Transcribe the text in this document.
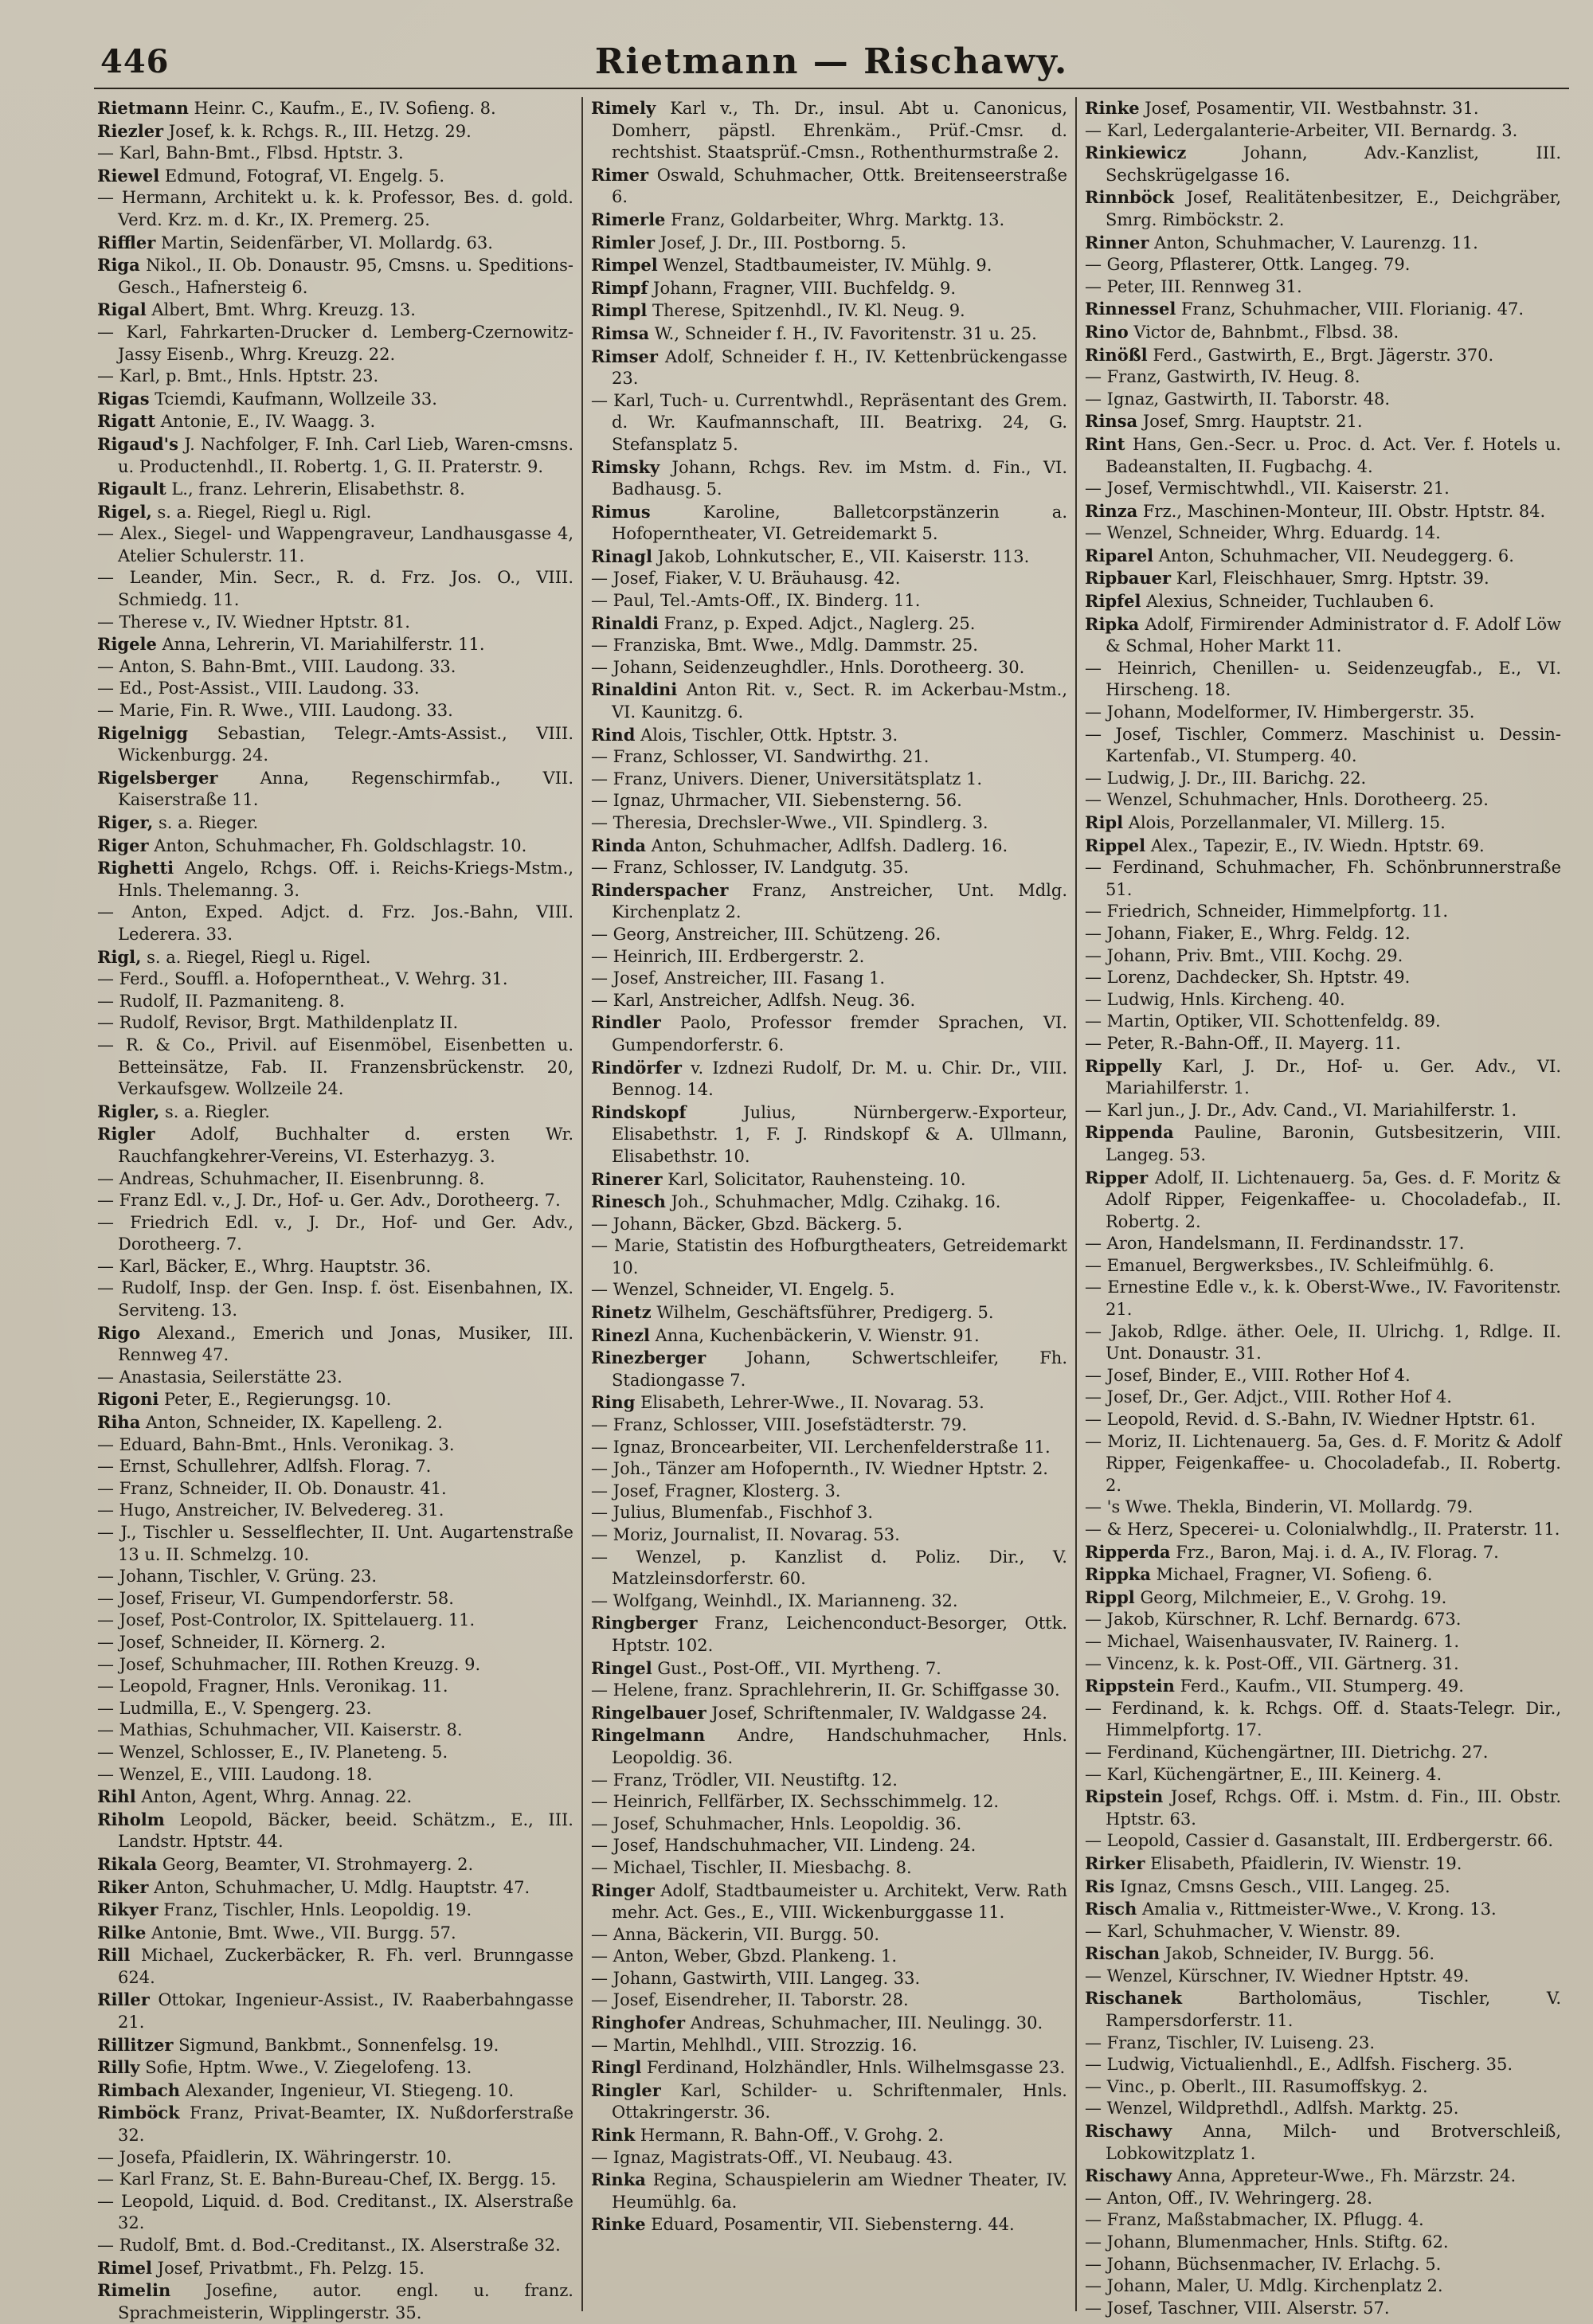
446	Rietmann — Rischawy.

Rietmann Heinr. C., Kaufm., E., IV. Sofieng. 8.

Riezler Josef, k. k. Rchgs. R., III. Hetzg. 29.

— Karl, Bahn-Bmt., Flbsd. Hptstr. 3.

Riewel Edmund, Fotograf, VI. Engelg. 5.

— Hermann, Architekt u. k. k. Professor, Bes. d. gold. Verd. Krz. m. d. Kr., IX. Premerg. 25.

Riffler Martin, Seidenfärber, VI. Mollardg. 63.

Riga Nikol., II. Ob. Donaustr. 95, Cmsns. u. Speditions-Gesch., Hafnersteig 6.

Rigal Albert, Bmt. Whrg. Kreuzg. 13.

— Karl, Fahrkarten-Drucker d. Lemberg-Czernowitz-Jassy Eisenb., Whrg. Kreuzg. 22.

— Karl, p. Bmt., Hnls. Hptstr. 23.

Rigas Tciemdi, Kaufmann, Wollzeile 33.

Rigatt Antonie, E., IV. Waagg. 3.

Rigaud's J. Nachfolger, F. Inh. Carl Lieb, Waren-cmsns. u. Productenhdl., II. Robertg. 1, G. II. Praterstr. 9.

Rigault L., franz. Lehrerin, Elisabethstr. 8.

Rigel, s. a. Riegel, Riegl u. Rigl.

— Alex., Siegel- und Wappengraveur, Landhausgasse 4, Atelier Schulerstr. 11.

— Leander, Min. Secr., R. d. Frz. Jos. O., VIII. Schmiedg. 11.

— Therese v., IV. Wiedner Hptstr. 81.

Rigele Anna, Lehrerin, VI. Mariahilferstr. 11.

— Anton, S. Bahn-Bmt., VIII. Laudong. 33.

— Ed., Post-Assist., VIII. Laudong. 33.

— Marie, Fin. R. Wwe., VIII. Laudong. 33.

Rigelnigg Sebastian, Telegr.-Amts-Assist., VIII. Wickenburgg. 24.

Rigelsberger Anna, Regenschirmfab., VII. Kaiserstraße 11.

Riger, s. a. Rieger.

Riger Anton, Schuhmacher, Fh. Goldschlagstr. 10.

Righetti Angelo, Rchgs. Off. i. Reichs-Kriegs-Mstm., Hnls. Thelemanng. 3.

— Anton, Exped. Adjct. d. Frz. Jos.-Bahn, VIII. Lederera. 33.

Rigl, s. a. Riegel, Riegl u. Rigel.

— Ferd., Souffl. a. Hofoperntheat., V. Wehrg. 31.

— Rudolf, II. Pazmaniteng. 8.

— Rudolf, Revisor, Brgt. Mathildenplatz II.

— R. & Co., Privil. auf Eisenmöbel, Eisenbetten u. Betteinsätze, Fab. II. Franzensbrückenstr. 20, Verkaufsgew. Wollzeile 24.

Rigler, s. a. Riegler.

Rigler Adolf, Buchhalter d. ersten Wr. Rauchfangkehrer-Vereins, VI. Esterhazyg. 3.

— Andreas, Schuhmacher, II. Eisenbrunng. 8.

— Franz Edl. v., J. Dr., Hof- u. Ger. Adv., Dorotheerg. 7.

— Friedrich Edl. v., J. Dr., Hof- und Ger. Adv., Dorotheerg. 7.

— Karl, Bäcker, E., Whrg. Hauptstr. 36.

— Rudolf, Insp. der Gen. Insp. f. öst. Eisenbahnen, IX. Serviteng. 13.

Rigo Alexand., Emerich und Jonas, Musiker, III. Rennweg 47.

— Anastasia, Seilerstätte 23.

Rigoni Peter, E., Regierungsg. 10.

Riha Anton, Schneider, IX. Kapelleng. 2.

— Eduard, Bahn-Bmt., Hnls. Veronikag. 3.

— Ernst, Schullehrer, Adlfsh. Florag. 7.

— Franz, Schneider, II. Ob. Donaustr. 41.

— Hugo, Anstreicher, IV. Belvedereg. 31.

— J., Tischler u. Sesselflechter, II. Unt. Augartenstraße 13 u. II. Schmelzg. 10.

— Johann, Tischler, V. Grüng. 23.

— Josef, Friseur, VI. Gumpendorferstr. 58.

— Josef, Post-Controlor, IX. Spittelauerg. 11.

— Josef, Schneider, II. Körnerg. 2.

— Josef, Schuhmacher, III. Rothen Kreuzg. 9.

— Leopold, Fragner, Hnls. Veronikag. 11.

— Ludmilla, E., V. Spengerg. 23.

— Mathias, Schuhmacher, VII. Kaiserstr. 8.

— Wenzel, Schlosser, E., IV. Planeteng. 5.

— Wenzel, E., VIII. Laudong. 18.

Rihl Anton, Agent, Whrg. Annag. 22.

Riholm Leopold, Bäcker, beeid. Schätzm., E., III. Landstr. Hptstr. 44.

Rikala Georg, Beamter, VI. Strohmayerg. 2.

Riker Anton, Schuhmacher, U. Mdlg. Hauptstr. 47.

Rikyer Franz, Tischler, Hnls. Leopoldig. 19.

Rilke Antonie, Bmt. Wwe., VII. Burgg. 57.

Rill Michael, Zuckerbäcker, R. Fh. verl. Brunngasse 624.

Riller Ottokar, Ingenieur-Assist., IV. Raaberbahngasse 21.

Rillitzer Sigmund, Bankbmt., Sonnenfelsg. 19.

Rilly Sofie, Hptm. Wwe., V. Ziegelofeng. 13.

Rimbach Alexander, Ingenieur, VI. Stiegeng. 10.

Rimböck Franz, Privat-Beamter, IX. Nußdorferstraße 32.

— Josefa, Pfaidlerin, IX. Währingerstr. 10.

— Karl Franz, St. E. Bahn-Bureau-Chef, IX. Bergg. 15.

— Leopold, Liquid. d. Bod. Creditanst., IX. Alserstraße 32.

— Rudolf, Bmt. d. Bod.-Creditanst., IX. Alserstraße 32.

Rimel Josef, Privatbmt., Fh. Pelzg. 15.

Rimelin Josefine, autor. engl. u. franz. Sprachmeisterin, Wipplingerstr. 35.

Rimely Karl v., Th. Dr., insul. Abt u. Canonicus, Domherr, päpstl. Ehrenkäm., Prüf.-Cmsr. d. rechtshist. Staatsprüf.-Cmsn., Rothenthurmstraße 2.

Rimer Oswald, Schuhmacher, Ottk. Breitenseerstraße 6.

Rimerle Franz, Goldarbeiter, Whrg. Marktg. 13.

Rimler Josef, J. Dr., III. Postborng. 5.

Rimpel Wenzel, Stadtbaumeister, IV. Mühlg. 9.

Rimpf Johann, Fragner, VIII. Buchfeldg. 9.

Rimpl Therese, Spitzenhdl., IV. Kl. Neug. 9.

Rimsa W., Schneider f. H., IV. Favoritenstr. 31 u. 25.

Rimser Adolf, Schneider f. H., IV. Kettenbrückengasse 23.

— Karl, Tuch- u. Currentwhdl., Repräsentant des Grem. d. Wr. Kaufmannschaft, III. Beatrixg. 24, G. Stefansplatz 5.

Rimsky Johann, Rchgs. Rev. im Mstm. d. Fin., VI. Badhausg. 5.

Rimus Karoline, Balletcorpstänzerin a. Hofoperntheater, VI. Getreidemarkt 5.

Rinagl Jakob, Lohnkutscher, E., VII. Kaiserstr. 113.

— Josef, Fiaker, V. U. Bräuhausg. 42.

— Paul, Tel.-Amts-Off., IX. Binderg. 11.

Rinaldi Franz, p. Exped. Adjct., Naglerg. 25.

— Franziska, Bmt. Wwe., Mdlg. Dammstr. 25.

— Johann, Seidenzeughdler., Hnls. Dorotheerg. 30.

Rinaldini Anton Rit. v., Sect. R. im Ackerbau-Mstm., VI. Kaunitzg. 6.

Rind Alois, Tischler, Ottk. Hptstr. 3.

— Franz, Schlosser, VI. Sandwirthg. 21.

— Franz, Univers. Diener, Universitätsplatz 1.

— Ignaz, Uhrmacher, VII. Siebensterng. 56.

— Theresia, Drechsler-Wwe., VII. Spindlerg. 3.

Rinda Anton, Schuhmacher, Adlfsh. Dadlerg. 16.

— Franz, Schlosser, IV. Landgutg. 35.

Rinderspacher Franz, Anstreicher, Unt. Mdlg. Kirchenplatz 2.

— Georg, Anstreicher, III. Schützeng. 26.

— Heinrich, III. Erdbergerstr. 2.

— Josef, Anstreicher, III. Fasang 1.

— Karl, Anstreicher, Adlfsh. Neug. 36.

Rindler Paolo, Professor fremder Sprachen, VI. Gumpendorferstr. 6.

Rindörfer v. Izdnezi Rudolf, Dr. M. u. Chir. Dr., VIII. Bennog. 14.

Rindskopf Julius, Nürnbergerw.-Exporteur, Elisabethstr. 1, F. J. Rindskopf & A. Ullmann, Elisabethstr. 10.

Rinerer Karl, Solicitator, Rauhensteing. 10.

Rinesch Joh., Schuhmacher, Mdlg. Czihakg. 16.

— Johann, Bäcker, Gbzd. Bäckerg. 5.

— Marie, Statistin des Hofburgtheaters, Getreidemarkt 10.

— Wenzel, Schneider, VI. Engelg. 5.

Rinetz Wilhelm, Geschäftsführer, Predigerg. 5.

Rinezl Anna, Kuchenbäckerin, V. Wienstr. 91.

Rinezberger Johann, Schwertschleifer, Fh. Stadiongasse 7.

Ring Elisabeth, Lehrer-Wwe., II. Novarag. 53.

— Franz, Schlosser, VIII. Josefstädterstr. 79.

— Ignaz, Broncearbeiter, VII. Lerchenfelderstraße 11.

— Joh., Tänzer am Hofopernth., IV. Wiedner Hptstr. 2.

— Josef, Fragner, Klosterg. 3.

— Julius, Blumenfab., Fischhof 3.

— Moriz, Journalist, II. Novarag. 53.

— Wenzel, p. Kanzlist d. Poliz. Dir., V. Matzleinsdorferstr. 60.

— Wolfgang, Weinhdl., IX. Marianneng. 32.

Ringberger Franz, Leichenconduct-Besorger, Ottk. Hptstr. 102.

Ringel Gust., Post-Off., VII. Myrtheng. 7.

— Helene, franz. Sprachlehrerin, II. Gr. Schiffgasse 30.

Ringelbauer Josef, Schriftenmaler, IV. Waldgasse 24.

Ringelmann Andre, Handschuhmacher, Hnls. Leopoldig. 36.

— Franz, Trödler, VII. Neustiftg. 12.

— Heinrich, Fellfärber, IX. Sechsschimmelg. 12.

— Josef, Schuhmacher, Hnls. Leopoldig. 36.

— Josef, Handschuhmacher, VII. Lindeng. 24.

— Michael, Tischler, II. Miesbachg. 8.

Ringer Adolf, Stadtbaumeister u. Architekt, Verw. Rath mehr. Act. Ges., E., VIII. Wickenburggasse 11.

— Anna, Bäckerin, VII. Burgg. 50.

— Anton, Weber, Gbzd. Plankeng. 1.

— Johann, Gastwirth, VIII. Langeg. 33.

— Josef, Eisendreher, II. Taborstr. 28.

Ringhofer Andreas, Schuhmacher, III. Neulingg. 30.

— Martin, Mehlhdl., VIII. Strozzig. 16.

Ringl Ferdinand, Holzhändler, Hnls. Wilhelmsgasse 23.

Ringler Karl, Schilder- u. Schriftenmaler, Hnls. Ottakringerstr. 36.

Rink Hermann, R. Bahn-Off., V. Grohg. 2.

— Ignaz, Magistrats-Off., VI. Neubaug. 43.

Rinka Regina, Schauspielerin am Wiedner Theater, IV. Heumühlg. 6a.

Rinke Eduard, Posamentir, VII. Siebensterng. 44.

Rinke Josef, Posamentir, VII. Westbahnstr. 31.

— Karl, Ledergalanterie-Arbeiter, VII. Bernardg. 3.

Rinkiewicz Johann, Adv.-Kanzlist, III. Sechskrügelgasse 16.

Rinnböck Josef, Realitätenbesitzer, E., Deichgräber, Smrg. Rimböckstr. 2.

Rinner Anton, Schuhmacher, V. Laurenzg. 11.

— Georg, Pflasterer, Ottk. Langeg. 79.

— Peter, III. Rennweg 31.

Rinnessel Franz, Schuhmacher, VIII. Florianig. 47.

Rino Victor de, Bahnbmt., Flbsd. 38.

Rinößl Ferd., Gastwirth, E., Brgt. Jägerstr. 370.

— Franz, Gastwirth, IV. Heug. 8.

— Ignaz, Gastwirth, II. Taborstr. 48.

Rinsa Josef, Smrg. Hauptstr. 21.

Rint Hans, Gen.-Secr. u. Proc. d. Act. Ver. f. Hotels u. Badeanstalten, II. Fugbachg. 4.

— Josef, Vermischtwhdl., VII. Kaiserstr. 21.

Rinza Frz., Maschinen-Monteur, III. Obstr. Hptstr. 84.

— Wenzel, Schneider, Whrg. Eduardg. 14.

Riparel Anton, Schuhmacher, VII. Neudeggerg. 6.

Ripbauer Karl, Fleischhauer, Smrg. Hptstr. 39.

Ripfel Alexius, Schneider, Tuchlauben 6.

Ripka Adolf, Firmirender Administrator d. F. Adolf Löw & Schmal, Hoher Markt 11.

— Heinrich, Chenillen- u. Seidenzeugfab., E., VI. Hirscheng. 18.

— Johann, Modelformer, IV. Himbergerstr. 35.

— Josef, Tischler, Commerz. Maschinist u. Dessin-Kartenfab., VI. Stumperg. 40.

— Ludwig, J. Dr., III. Barichg. 22.

— Wenzel, Schuhmacher, Hnls. Dorotheerg. 25.

Ripl Alois, Porzellanmaler, VI. Millerg. 15.

Rippel Alex., Tapezir, E., IV. Wiedn. Hptstr. 69.

— Ferdinand, Schuhmacher, Fh. Schönbrunnerstraße 51.

— Friedrich, Schneider, Himmelpfortg. 11.

— Johann, Fiaker, E., Whrg. Feldg. 12.

— Johann, Priv. Bmt., VIII. Kochg. 29.

— Lorenz, Dachdecker, Sh. Hptstr. 49.

— Ludwig, Hnls. Kircheng. 40.

— Martin, Optiker, VII. Schottenfeldg. 89.

— Peter, R.-Bahn-Off., II. Mayerg. 11.

Rippelly Karl, J. Dr., Hof- u. Ger. Adv., VI. Mariahilferstr. 1.

— Karl jun., J. Dr., Adv. Cand., VI. Mariahilferstr. 1.

Rippenda Pauline, Baronin, Gutsbesitzerin, VIII. Langeg. 53.

Ripper Adolf, II. Lichtenauerg. 5a, Ges. d. F. Moritz & Adolf Ripper, Feigenkaffee- u. Chocoladefab., II. Robertg. 2.

— Aron, Handelsmann, II. Ferdinandsstr. 17.

— Emanuel, Bergwerksbes., IV. Schleifmühlg. 6.

— Ernestine Edle v., k. k. Oberst-Wwe., IV. Favoritenstr. 21.

— Jakob, Rdlge. äther. Oele, II. Ulrichg. 1, Rdlge. II. Unt. Donaustr. 31.

— Josef, Binder, E., VIII. Rother Hof 4.

— Josef, Dr., Ger. Adjct., VIII. Rother Hof 4.

— Leopold, Revid. d. S.-Bahn, IV. Wiedner Hptstr. 61.

— Moriz, II. Lichtenauerg. 5a, Ges. d. F. Moritz & Adolf Ripper, Feigenkaffee- u. Chocoladefab., II. Robertg. 2.

— 's Wwe. Thekla, Binderin, VI. Mollardg. 79.

— & Herz, Specerei- u. Colonialwhdlg., II. Praterstr. 11.

Ripperda Frz., Baron, Maj. i. d. A., IV. Florag. 7.

Rippka Michael, Fragner, VI. Sofieng. 6.

Rippl Georg, Milchmeier, E., V. Grohg. 19.

— Jakob, Kürschner, R. Lchf. Bernardg. 673.

— Michael, Waisenhausvater, IV. Rainerg. 1.

— Vincenz, k. k. Post-Off., VII. Gärtnerg. 31.

Rippstein Ferd., Kaufm., VII. Stumperg. 49.

— Ferdinand, k. k. Rchgs. Off. d. Staats-Telegr. Dir., Himmelpfortg. 17.

— Ferdinand, Küchengärtner, III. Dietrichg. 27.

— Karl, Küchengärtner, E., III. Keinerg. 4.

Ripstein Josef, Rchgs. Off. i. Mstm. d. Fin., III. Obstr. Hptstr. 63.

— Leopold, Cassier d. Gasanstalt, III. Erdbergerstr. 66.

Rirker Elisabeth, Pfaidlerin, IV. Wienstr. 19.

Ris Ignaz, Cmsns Gesch., VIII. Langeg. 25.

Risch Amalia v., Rittmeister-Wwe., V. Krong. 13.

— Karl, Schuhmacher, V. Wienstr. 89.

Rischan Jakob, Schneider, IV. Burgg. 56.

— Wenzel, Kürschner, IV. Wiedner Hptstr. 49.

Rischanek Bartholomäus, Tischler, V. Rampersdorferstr. 11.

— Franz, Tischler, IV. Luiseng. 23.

— Ludwig, Victualienhdl., E., Adlfsh. Fischerg. 35.

— Vinc., p. Oberlt., III. Rasumoffskyg. 2.

— Wenzel, Wildprethdl., Adlfsh. Marktg. 25.

Rischawy Anna, Milch- und Brotverschleiß, Lobkowitzplatz 1.

Rischawy Anna, Appreteur-Wwe., Fh. Märzstr. 24.

— Anton, Off., IV. Wehringerg. 28.

— Franz, Maßstabmacher, IX. Pflugg. 4.

— Johann, Blumenmacher, Hnls. Stiftg. 62.

— Johann, Büchsenmacher, IV. Erlachg. 5.

— Johann, Maler, U. Mdlg. Kirchenplatz 2.

— Josef, Taschner, VIII. Alserstr. 57.
